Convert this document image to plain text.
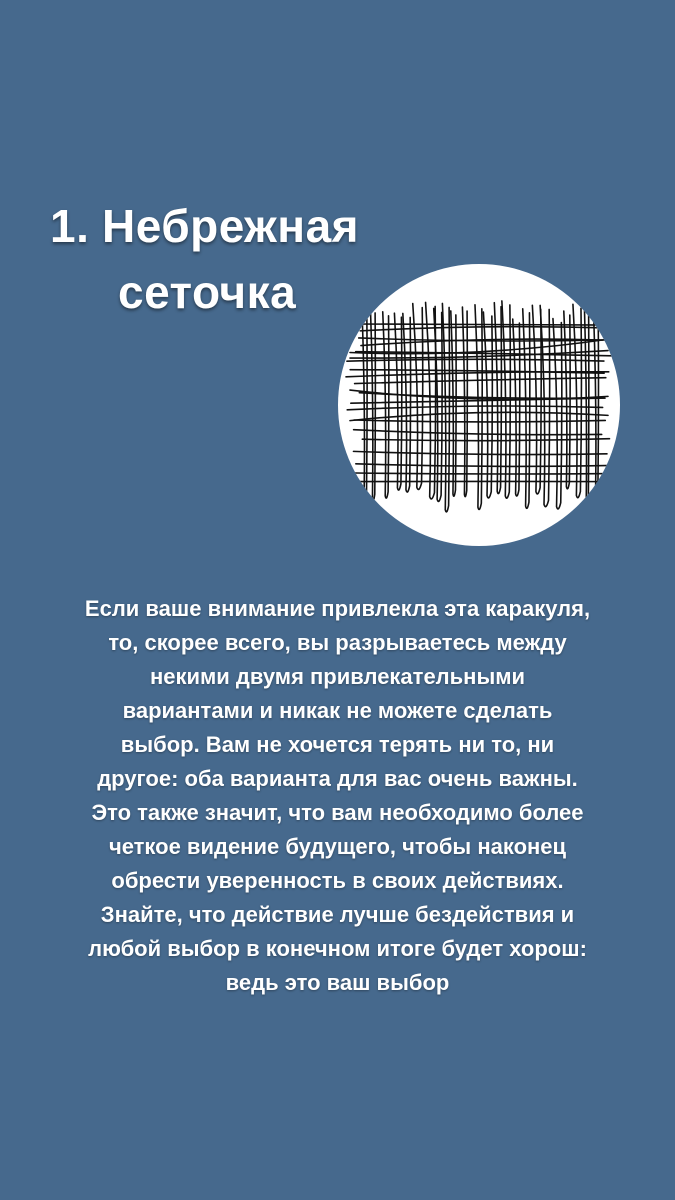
1. Небрежная
сеточка
Если ваше внимание привлекла эта каракуля,
то, скорее всего, вы разрываетесь между
некими двумя привлекательными
вариантами и никак не можете сделать
выбор. Вам не хочется терять ни то, ни
другое: оба варианта для вас очень важны.
Это также значит, что вам необходимо более
четкое видение будущего, чтобы наконец
обрести уверенность в своих действиях.
Знайте, что действие лучше бездействия и
любой выбор в конечном итоге будет хорош:
ведь это ваш выбор
